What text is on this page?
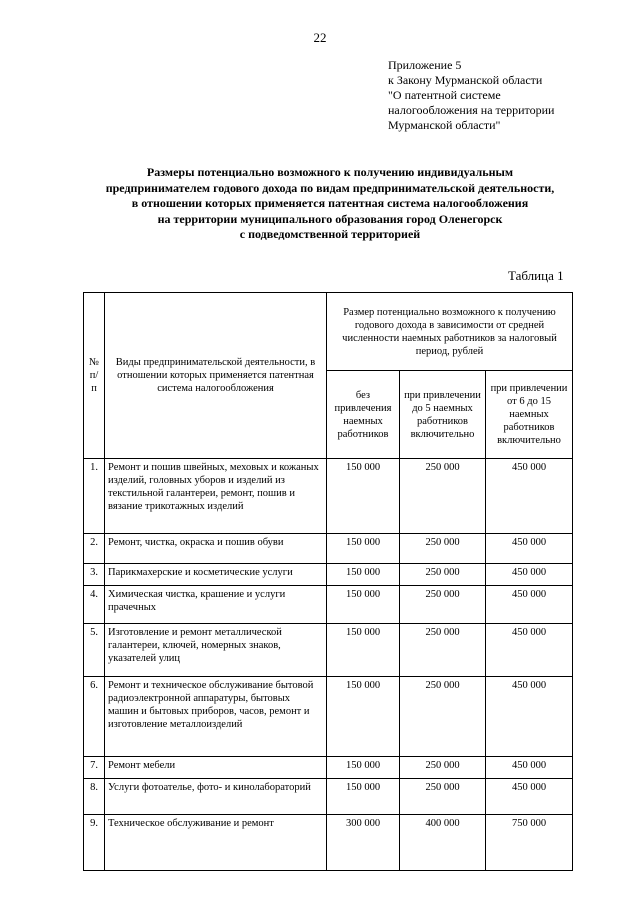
22
Приложение 5
к Закону Мурманской области
"О патентной системе
налогообложения на территории
Мурманской области"
Размеры потенциально возможного к получению индивидуальным
предпринимателем годового дохода по видам предпринимательской деятельности,
в отношении которых применяется патентная система налогообложения
на территории муниципального образования город Оленегорск
с подведомственной территорией
Таблица 1
№ п/п	Виды предпринимательской деятельности, в отношении которых применяется патентная система налогообложения	Размер потенциально возможного к получению годового дохода в зависимости от средней численности наемных работников за налоговый период, рублей		
		без привлечения наемных работников	при привлечении до 5 наемных работников включительно	при привлечении от 6 до 15 наемных работников включительно
1.	Ремонт и пошив швейных, меховых и кожаных изделий, головных уборов и изделий из текстильной галантереи, ремонт, пошив и вязание трикотажных изделий	150 000	250 000	450 000
2.	Ремонт, чистка, окраска и пошив обуви	150 000	250 000	450 000
3.	Парикмахерские и косметические услуги	150 000	250 000	450 000
4.	Химическая чистка, крашение и услуги прачечных	150 000	250 000	450 000
5.	Изготовление и ремонт металлической галантереи, ключей, номерных знаков, указателей улиц	150 000	250 000	450 000
6.	Ремонт и техническое обслуживание бытовой радиоэлектронной аппаратуры, бытовых машин и бытовых приборов, часов, ремонт и изготовление металлоизделий	150 000	250 000	450 000
7.	Ремонт мебели	150 000	250 000	450 000
8.	Услуги фотоателье, фото- и кинолабораторий	150 000	250 000	450 000
9.	Техническое обслуживание и ремонт	300 000	400 000	750 000
